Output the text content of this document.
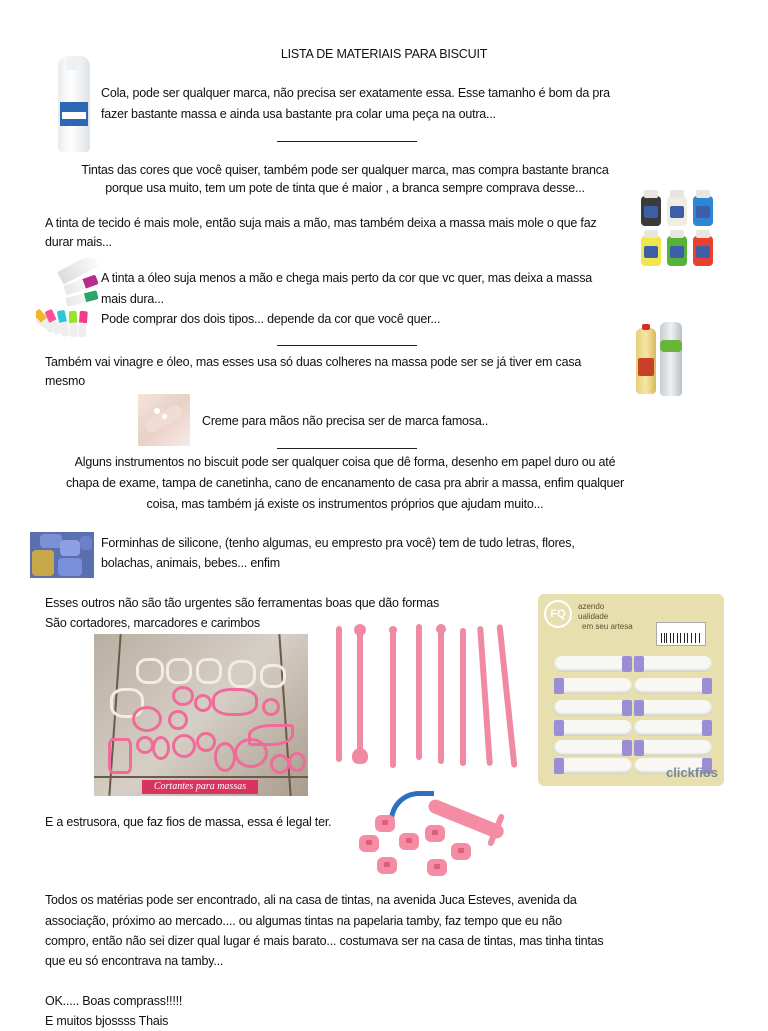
LISTA DE MATERIAIS PARA BISCUIT
Cola, pode ser qualquer marca, não precisa ser exatamente essa. Esse tamanho é bom da pra
fazer bastante massa e ainda usa bastante pra colar uma peça na outra...
Tintas das cores que você quiser, também pode ser qualquer marca, mas compra bastante branca
porque usa muito, tem um pote de tinta que é maior , a branca sempre comprava desse...
A tinta de tecido é mais mole, então suja mais a mão, mas também deixa a massa mais mole o que faz
durar mais...
A tinta a óleo suja menos a mão e chega mais perto da cor que vc quer, mas deixa a massa
mais dura...
Pode comprar dos dois tipos... depende da cor que você quer...
Também vai vinagre e óleo, mas esses usa só duas colheres na massa pode ser se já tiver em casa
mesmo
Creme para mãos não precisa ser de marca famosa..
Alguns instrumentos no biscuit pode ser qualquer coisa que dê forma, desenho em papel duro ou até
chapa de exame, tampa de canetinha, cano de encanamento de casa pra abrir a massa, enfim qualquer
coisa, mas também já existe os instrumentos próprios que ajudam muito...
Forminhas de silicone, (tenho algumas, eu empresto pra você) tem de tudo letras, flores,
bolachas, animais, bebes... enfim
Esses outros não são tão urgentes são ferramentas boas que dão formas
São cortadores, marcadores e carimbos
Cortantes para massas
FQ
azendo
ualidade
em seu artesa
clickfios
E a estrusora, que faz fios de massa, essa é legal ter.
Todos os matérias pode ser encontrado, ali na casa de tintas, na avenida Juca Esteves, avenida da
associação, próximo ao mercado.... ou algumas tintas na papelaria tamby, faz tempo que eu não
compro, então não sei dizer qual lugar é mais barato... costumava ser na casa de tintas, mas tinha tintas
que eu só encontrava na tamby...
OK..... Boas comprass!!!!!
E muitos bjossss Thais
